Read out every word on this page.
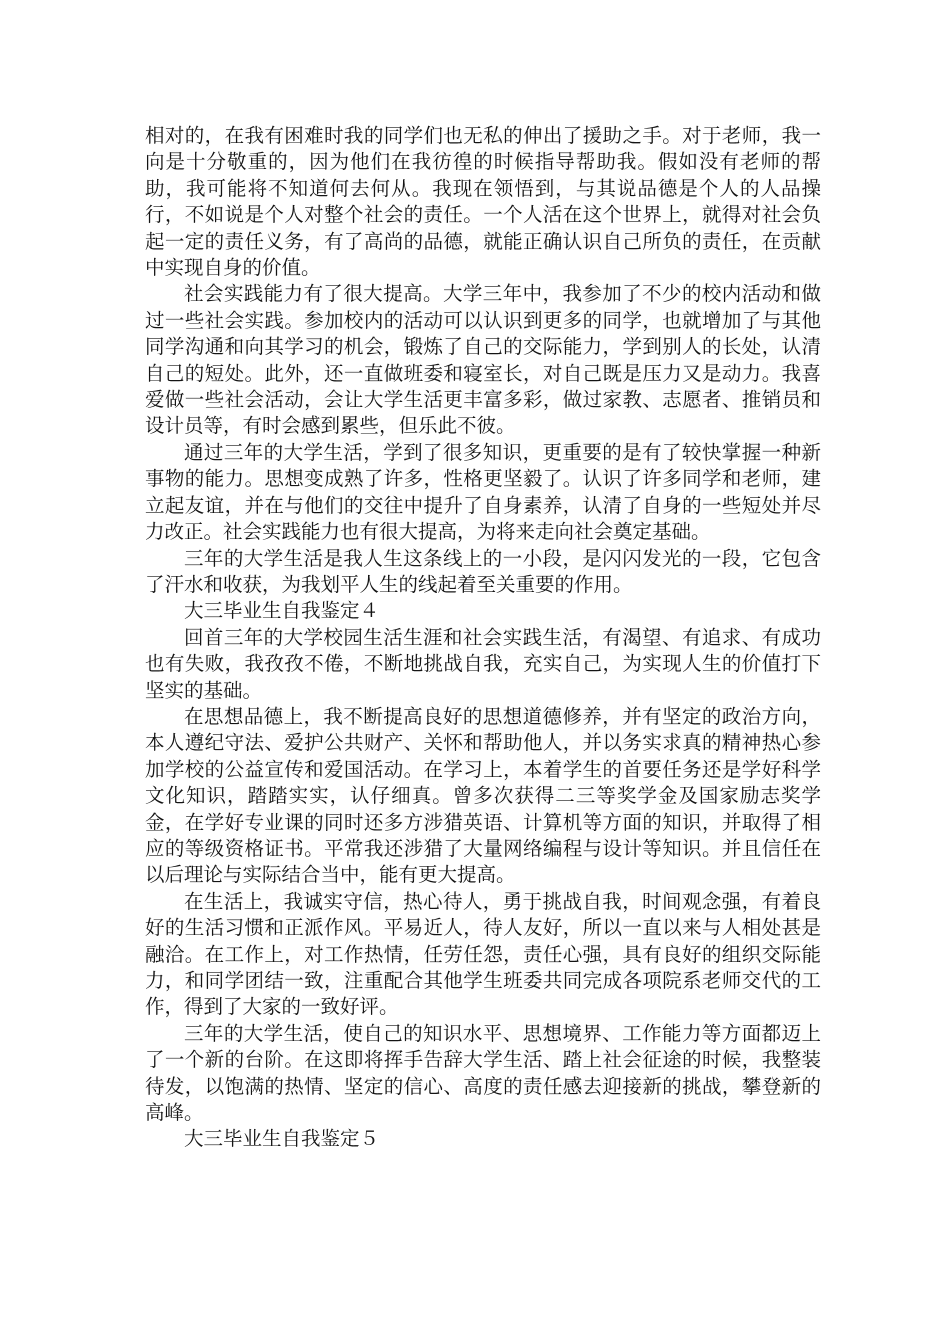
相对的，在我有困难时我的同学们也无私的伸出了援助之手。对于老师，我一向是十分敬重的，因为他们在我彷徨的时候指导帮助我。假如没有老师的帮助，我可能将不知道何去何从。我现在领悟到，与其说品德是个人的人品操行，不如说是个人对整个社会的责任。一个人活在这个世界上，就得对社会负起一定的责任义务，有了高尚的品德，就能正确认识自己所负的责任，在贡献中实现自身的价值。

社会实践能力有了很大提高。大学三年中，我参加了不少的校内活动和做过一些社会实践。参加校内的活动可以认识到更多的同学，也就增加了与其他同学沟通和向其学习的机会，锻炼了自己的交际能力，学到别人的长处，认清自己的短处。此外，还一直做班委和寝室长，对自己既是压力又是动力。我喜爱做一些社会活动，会让大学生活更丰富多彩，做过家教、志愿者、推销员和设计员等，有时会感到累些，但乐此不彼。

通过三年的大学生活，学到了很多知识，更重要的是有了较快掌握一种新事物的能力。思想变成熟了许多，性格更坚毅了。认识了许多同学和老师，建立起友谊，并在与他们的交往中提升了自身素养，认清了自身的一些短处并尽力改正。社会实践能力也有很大提高，为将来走向社会奠定基础。

三年的大学生活是我人生这条线上的一小段，是闪闪发光的一段，它包含了汗水和收获，为我划平人生的线起着至关重要的作用。

大三毕业生自我鉴定４

回首三年的大学校园生活生涯和社会实践生活，有渴望、有追求、有成功也有失败，我孜孜不倦，不断地挑战自我，充实自己，为实现人生的价值打下坚实的基础。

在思想品德上，我不断提高良好的思想道德修养，并有坚定的政治方向，本人遵纪守法、爱护公共财产、关怀和帮助他人，并以务实求真的精神热心参加学校的公益宣传和爱国活动。在学习上，本着学生的首要任务还是学好科学文化知识，踏踏实实，认仔细真。曾多次获得二三等奖学金及国家励志奖学金，在学好专业课的同时还多方涉猎英语、计算机等方面的知识，并取得了相应的等级资格证书。平常我还涉猎了大量网络编程与设计等知识。并且信任在以后理论与实际结合当中，能有更大提高。

在生活上，我诚实守信，热心待人，勇于挑战自我，时间观念强，有着良好的生活习惯和正派作风。平易近人，待人友好，所以一直以来与人相处甚是融洽。在工作上，对工作热情，任劳任怨，责任心强，具有良好的组织交际能力，和同学团结一致，注重配合其他学生班委共同完成各项院系老师交代的工作，得到了大家的一致好评。

三年的大学生活，使自己的知识水平、思想境界、工作能力等方面都迈上了一个新的台阶。在这即将挥手告辞大学生活、踏上社会征途的时候，我整装待发，以饱满的热情、坚定的信心、高度的责任感去迎接新的挑战，攀登新的高峰。

大三毕业生自我鉴定５
